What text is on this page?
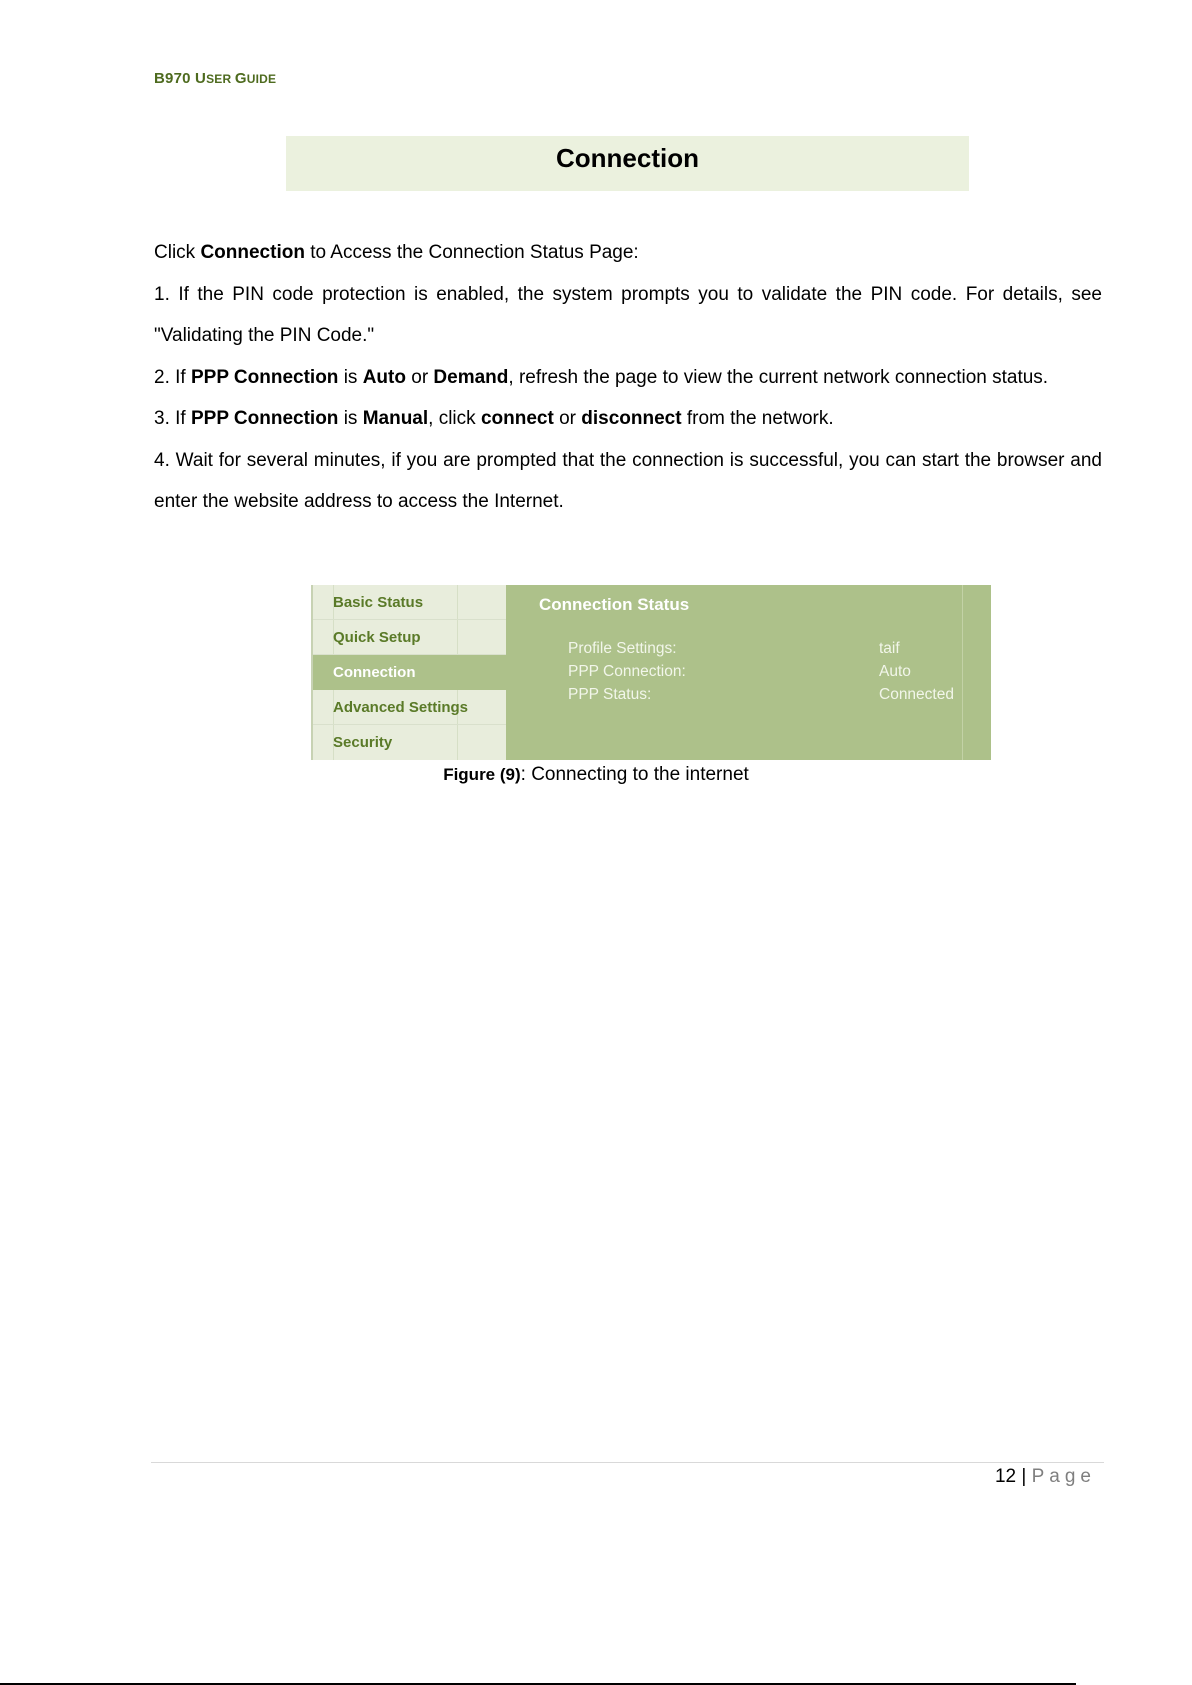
B970 USER GUIDE
Connection

Click Connection to Access the Connection Status Page:

1. If the PIN code protection is enabled, the system prompts you to validate the PIN code. For details, see "Validating the PIN Code."

2. If PPP Connection is Auto or Demand, refresh the page to view the current network connection status.

3. If PPP Connection is Manual, click connect or disconnect from the network.

4. Wait for several minutes, if you are prompted that the connection is successful, you can start the browser and enter the website address to access the Internet.

Basic Status
Quick Setup
Connection
Advanced Settings
Security
Connection Status
Profile Settings:	taif
PPP Connection:	Auto
PPP Status:	Connected
Figure (9): Connecting to the internet
12 | Page
